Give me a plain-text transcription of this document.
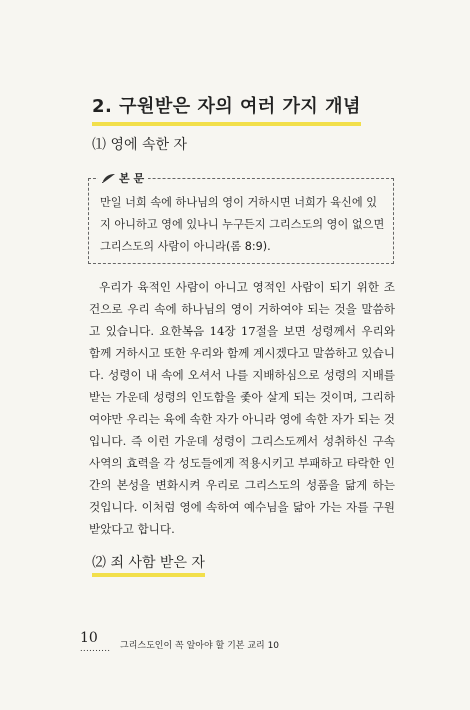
2. 구원받은 자의 여러 가지 개념
⑴ 영에 속한 자
본 문

만일 너희 속에 하나님의 영이 거하시면 너희가 육신에 있지 아니하고 영에 있나니 누구든지 그리스도의 영이 없으면 그리스도의 사람이 아니라(롬 8:9).

우리가 육적인 사람이 아니고 영적인 사람이 되기 위한 조건으로 우리 속에 하나님의 영이 거하여야 되는 것을 말씀하고 있습니다. 요한복음 14장 17절을 보면 성령께서 우리와 함께 거하시고 또한 우리와 함께 계시겠다고 말씀하고 있습니다. 성령이 내 속에 오셔서 나를 지배하심으로 성령의 지배를 받는 가운데 성령의 인도함을 좇아 살게 되는 것이며, 그리하여야만 우리는 육에 속한 자가 아니라 영에 속한 자가 되는 것입니다. 즉 이런 가운데 성령이 그리스도께서 성취하신 구속 사역의 효력을 각 성도들에게 적용시키고 부패하고 타락한 인간의 본성을 변화시켜 우리로 그리스도의 성품을 닮게 하는 것입니다. 이처럼 영에 속하여 예수님을 닮아 가는 자를 구원받았다고 합니다.

⑵ 죄 사함 받은 자
10
.......... 그리스도인이 꼭 알아야 할 기본 교리 10
